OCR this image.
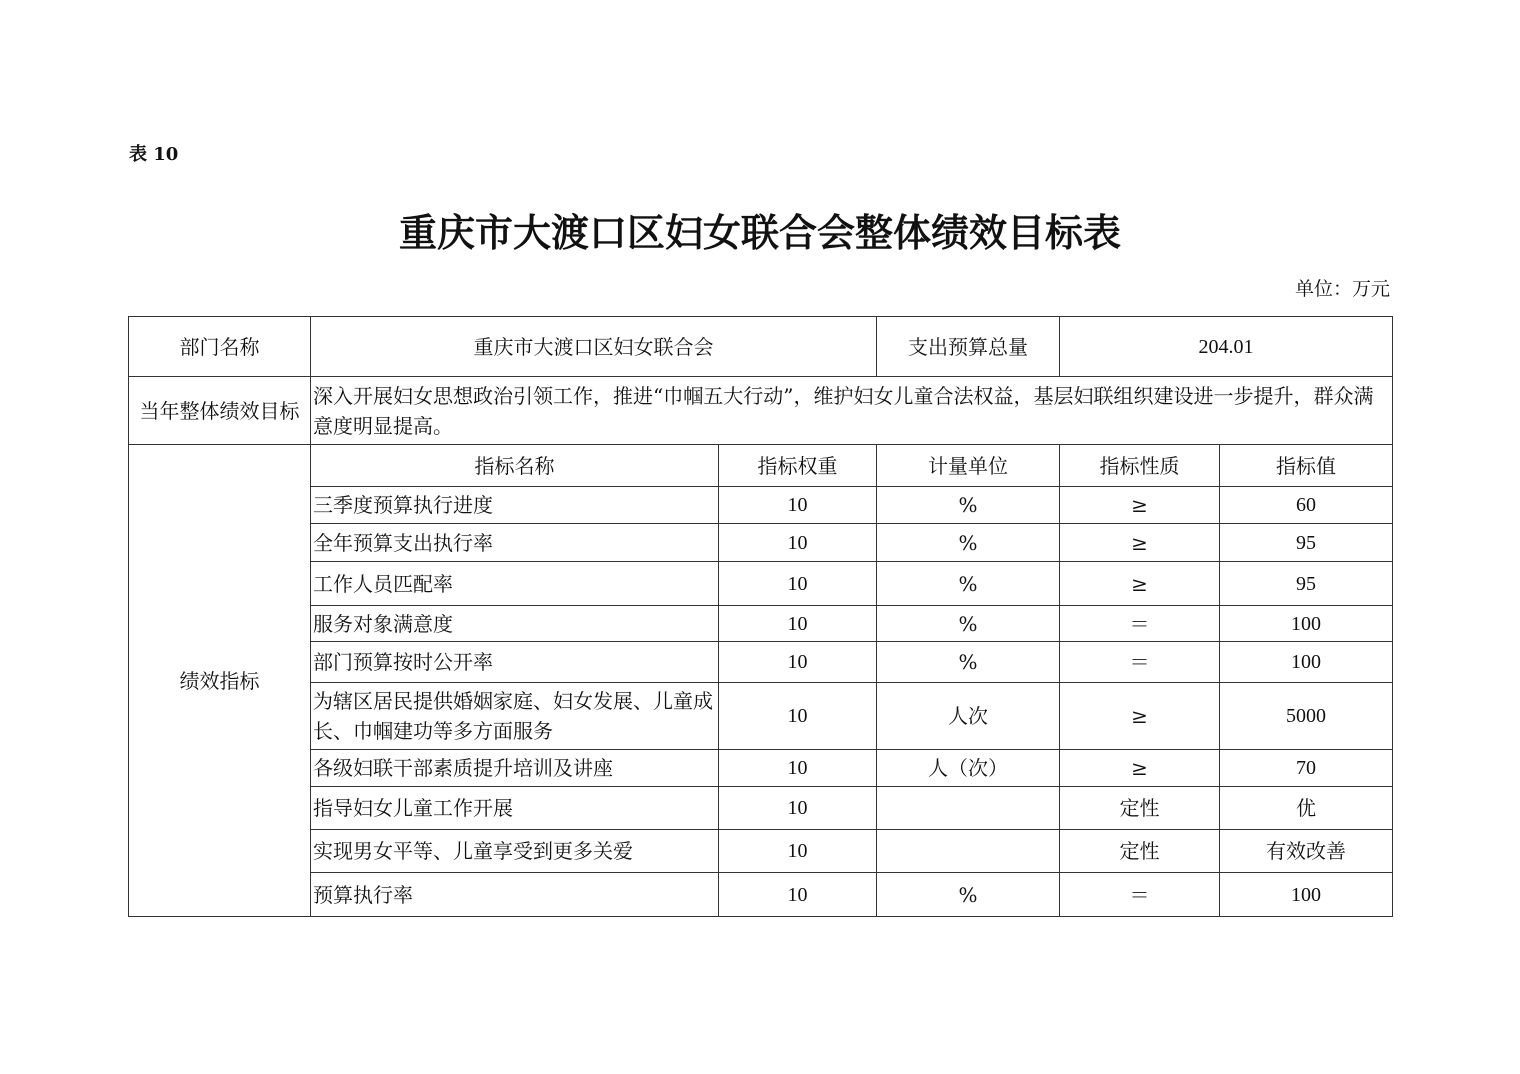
表 10
重庆市大渡口区妇女联合会整体绩效目标表
单位：万元
部门名称	重庆市大渡口区妇女联合会		支出预算总量	204.01	
当年整体绩效目标	深入开展妇女思想政治引领工作，推进“巾帼五大行动”，维护妇女儿童合法权益，基层妇联组织建设进一步提升，群众满意度明显提高。				
绩效指标	指标名称	指标权重	计量单位	指标性质	指标值
	三季度预算执行进度	10	%	≥	60
	全年预算支出执行率	10	%	≥	95
	工作人员匹配率	10	%	≥	95
	服务对象满意度	10	%	＝	100
	部门预算按时公开率	10	%	＝	100
	为辖区居民提供婚姻家庭、妇女发展、儿童成长、巾帼建功等多方面服务	10	人次	≥	5000
	各级妇联干部素质提升培训及讲座	10	人（次）	≥	70
	指导妇女儿童工作开展	10		定性	优
	实现男女平等、儿童享受到更多关爱	10		定性	有效改善
	预算执行率	10	%	＝	100
